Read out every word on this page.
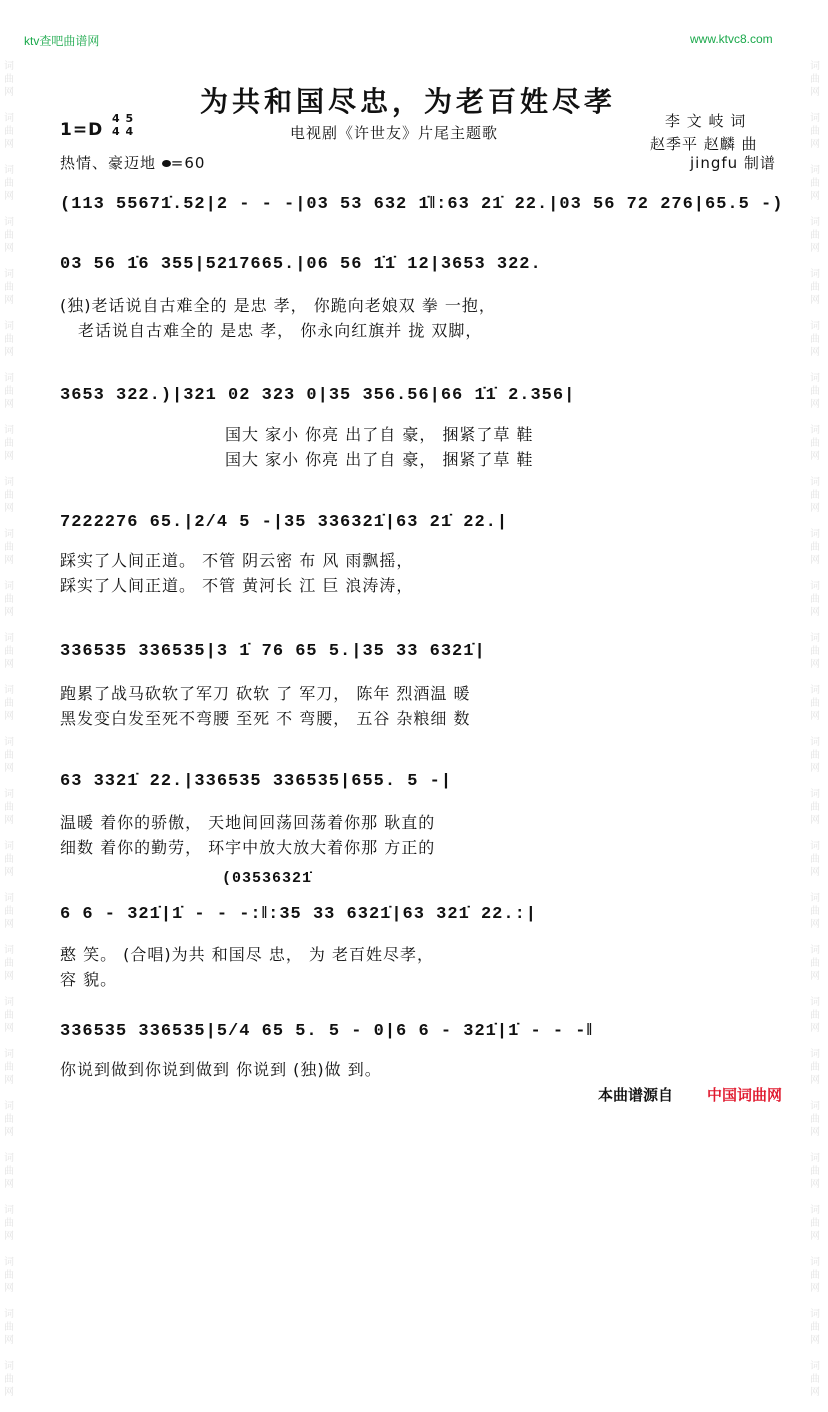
词
曲
网

词
曲
网

词
曲
网

词
曲
网

词
曲
网

词
曲
网

词
曲
网

词
曲
网

词
曲
网

词
曲
网

词
曲
网

词
曲
网

词
曲
网

词
曲
网

词
曲
网

词
曲
网

词
曲
网

词
曲
网

词
曲
网

词
曲
网

词
曲
网

词
曲
网

词
曲
网

词
曲
网

词
曲
网

词
曲
网

词
曲
网

词
曲
网

词
曲
网

词
曲
网

词
曲
网

词
曲
网

词
曲
网

词
曲
网

词
曲
网

词
曲
网

词
曲
网

词
曲
网

词
曲
网

词
曲
网

词
曲
网

词
曲
网

词
曲
网

词
曲
网

词
曲
网

词
曲
网

词
曲
网

词
曲
网

词
曲
网

词
曲
网

词
曲
网

词
曲
网

ktv查吧曲谱网	www.ktvc8.com
为共和国尽忠，为老百姓尽孝
1=D
4 5
4 4	电视剧《许世友》片尾主题歌
李 文 岐 词
赵季平 赵麟 曲
热情、豪迈地 =60	jingfu 制谱
(113 55671̇.52|2 - - -|03 53 632 1̇‖:63 21̇ 22.|03 56 72 276|65.5 -)
03 56 1̇6 355|5217665.|06 56 1̇1̇ 12|3653 322.
(独)老话说自古难全的 是忠 孝， 你跪向老娘双 拳 一抱，
老话说自古难全的 是忠 孝， 你永向红旗并 拢 双脚，
3653 322.)|321 02 323 0|35 356.56|66 1̇1̇ 2.356|
国大 家小 你亮 出了自 豪， 捆紧了草 鞋
国大 家小 你亮 出了自 豪， 捆紧了草 鞋
7222276 65.|2/4 5 -|35 336321̇|63 21̇ 22.|
踩实了人间正道。 不管 阴云密 布 风 雨飘摇，
踩实了人间正道。 不管 黄河长 江 巨 浪涛涛，
336535 336535|3 1̇ 76 65 5.|35 33 6321̇|
跑累了战马砍软了军刀 砍软 了 军刀， 陈年 烈酒温 暖
黑发变白发至死不弯腰 至死 不 弯腰， 五谷 杂粮细 数
63 3321̇ 22.|336535 336535|655. 5 -|
温暖 着你的骄傲， 天地间回荡回荡着你那 耿直的
细数 着你的勤劳， 环宇中放大放大着你那 方正的
(03536321̇
6 6 - 321̇|1̇ - - -:‖:35 33 6321̇|63 321̇ 22.:|
憨 笑。 (合唱)为共 和国尽 忠， 为 老百姓尽孝，
容 貌。
336535 336535|5/4 65 5. 5 - 0|6 6 - 321̇|1̇ - - -‖
你说到做到你说到做到 你说到 (独)做 到。
本曲谱源自 中国词曲网
